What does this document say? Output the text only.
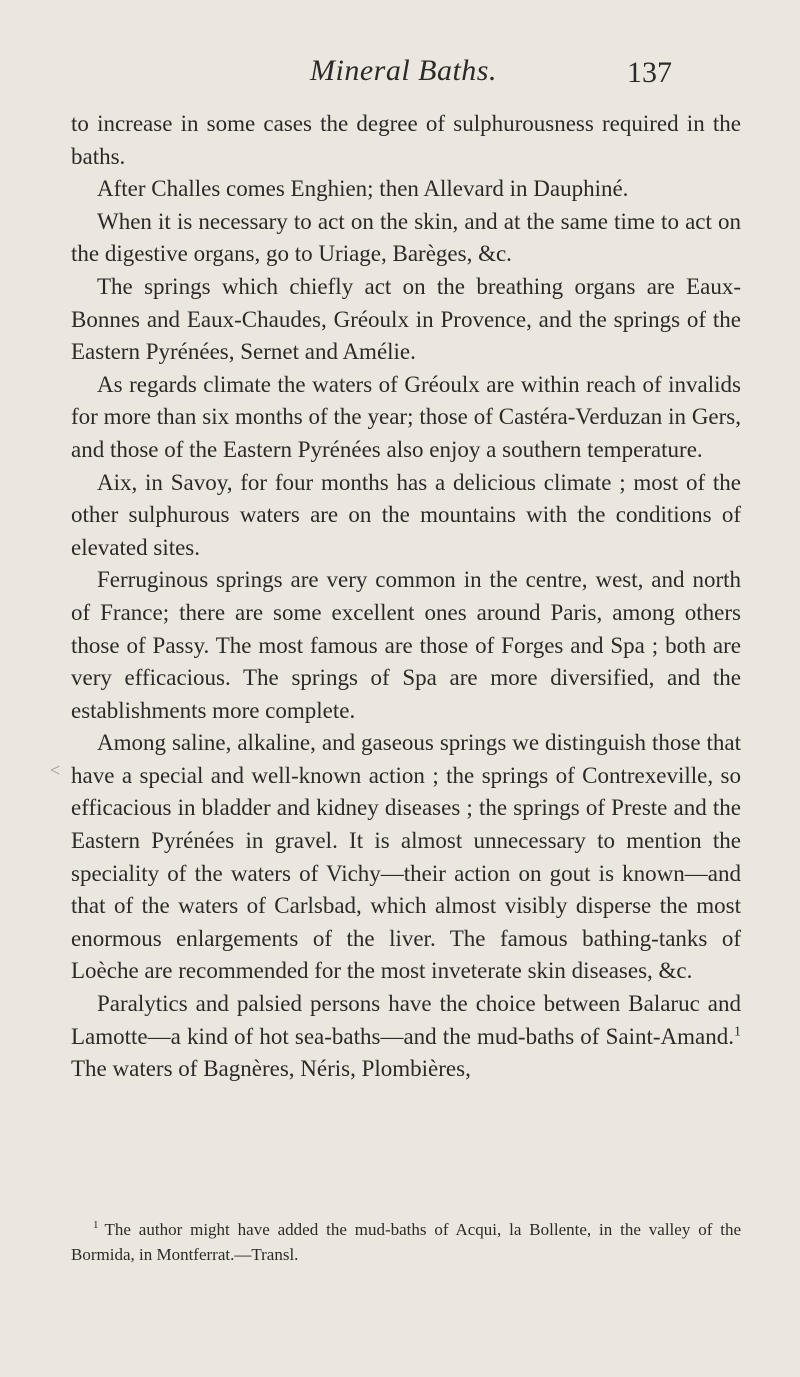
Mineral Baths.	137
<

to increase in some cases the degree of sulphurousness required in the baths.

After Challes comes Enghien; then Allevard in Dauphiné.

When it is necessary to act on the skin, and at the same time to act on the digestive organs, go to Uriage, Barèges, &c.

The springs which chiefly act on the breathing organs are Eaux-Bonnes and Eaux-Chaudes, Gréoulx in Provence, and the springs of the Eastern Pyrénées, Sernet and Amélie.

As regards climate the waters of Gréoulx are within reach of invalids for more than six months of the year; those of Castéra-Verduzan in Gers, and those of the Eastern Pyrénées also enjoy a southern temperature.

Aix, in Savoy, for four months has a delicious climate ; most of the other sulphurous waters are on the mountains with the conditions of elevated sites.

Ferruginous springs are very common in the centre, west, and north of France; there are some excellent ones around Paris, among others those of Passy. The most famous are those of Forges and Spa ; both are very efficacious. The springs of Spa are more diversified, and the establishments more complete.

Among saline, alkaline, and gaseous springs we distinguish those that have a special and well-known action ; the springs of Contrexeville, so efficacious in bladder and kidney diseases ; the springs of Preste and the Eastern Pyrénées in gravel. It is almost unnecessary to mention the speciality of the waters of Vichy—their action on gout is known—and that of the waters of Carlsbad, which almost visibly disperse the most enormous enlargements of the liver. The famous bathing-tanks of Loèche are recommended for the most inveterate skin diseases, &c.

Paralytics and palsied persons have the choice between Balaruc and Lamotte—a kind of hot sea-baths—and the mud-baths of Saint-Amand.$^1$ The waters of Bagnères, Néris, Plombières,

$^1$ The author might have added the mud-baths of Acqui, la Bollente, in the valley of the Bormida, in Montferrat.—Transl.
